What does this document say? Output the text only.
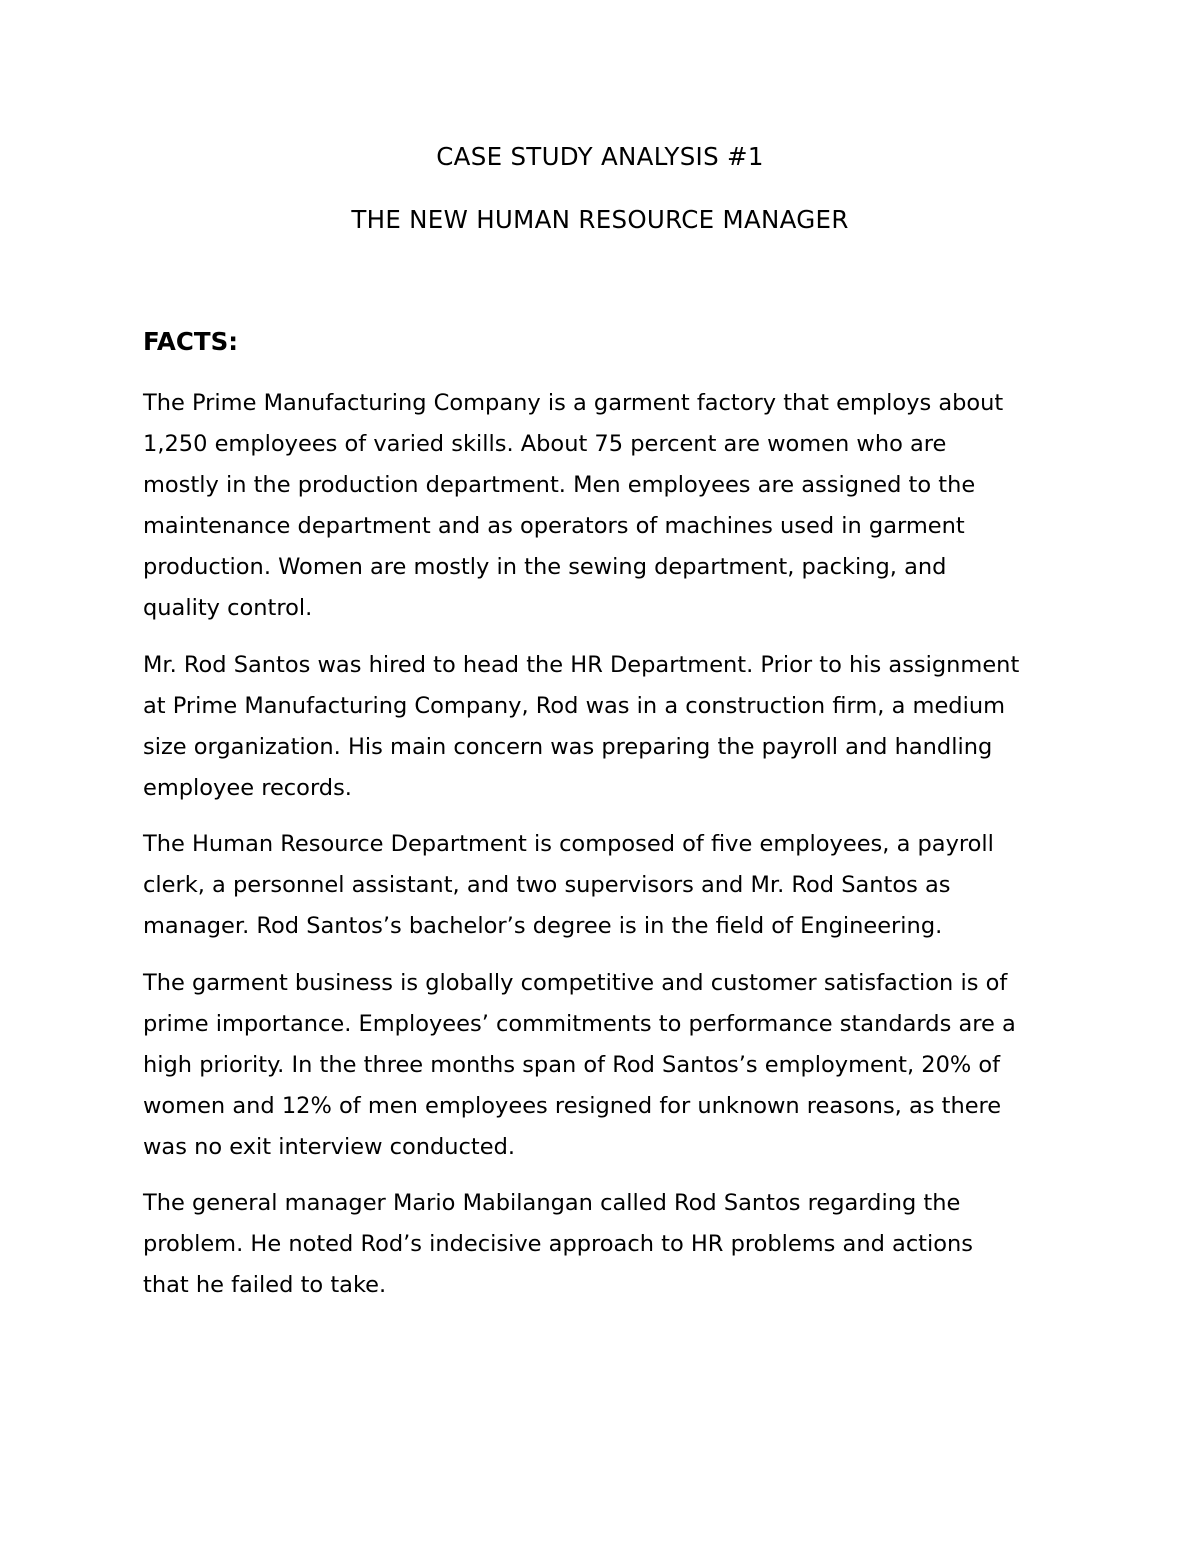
CASE STUDY ANALYSIS #1
THE NEW HUMAN RESOURCE MANAGER
FACTS:

The Prime Manufacturing Company is a garment factory that employs about
1,250 employees of varied skills. About 75 percent are women who are
mostly in the production department. Men employees are assigned to the
maintenance department and as operators of machines used in garment
production. Women are mostly in the sewing department, packing, and
quality control.

Mr. Rod Santos was hired to head the HR Department. Prior to his assignment
at Prime Manufacturing Company, Rod was in a construction firm, a medium
size organization. His main concern was preparing the payroll and handling
employee records.

The Human Resource Department is composed of five employees, a payroll
clerk, a personnel assistant, and two supervisors and Mr. Rod Santos as
manager. Rod Santos’s bachelor’s degree is in the field of Engineering.

The garment business is globally competitive and customer satisfaction is of
prime importance. Employees’ commitments to performance standards are a
high priority. In the three months span of Rod Santos’s employment, 20% of
women and 12% of men employees resigned for unknown reasons, as there
was no exit interview conducted.

The general manager Mario Mabilangan called Rod Santos regarding the
problem. He noted Rod’s indecisive approach to HR problems and actions
that he failed to take.
